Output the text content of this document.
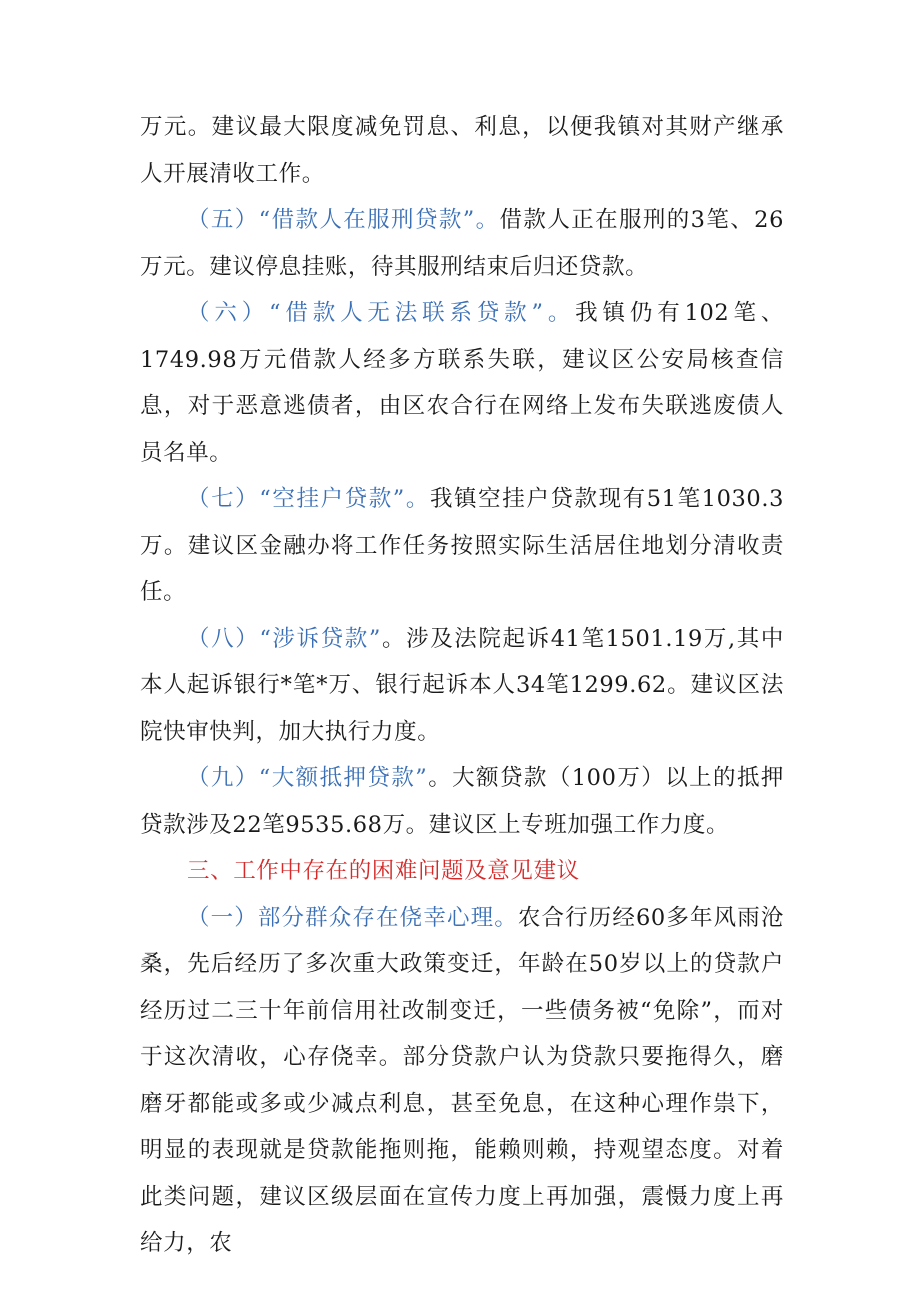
万元。建议最大限度减免罚息、利息，以便我镇对其财产继承人开展清收工作。

（五）“借款人在服刑贷款”。借款人正在服刑的3笔、26万元。建议停息挂账，待其服刑结束后归还贷款。

（六）“借款人无法联系贷款”。我镇仍有102笔、1749.98万元借款人经多方联系失联，建议区公安局核查信息，对于恶意逃债者，由区农合行在网络上发布失联逃废债人员名单。

（七）“空挂户贷款”。我镇空挂户贷款现有51笔1030.3万。建议区金融办将工作任务按照实际生活居住地划分清收责任。

（八）“涉诉贷款”。涉及法院起诉41笔1501.19万,其中本人起诉银行*笔*万、银行起诉本人34笔1299.62。建议区法院快审快判，加大执行力度。

（九）“大额抵押贷款”。大额贷款（100万）以上的抵押贷款涉及22笔9535.68万。建议区上专班加强工作力度。

三、工作中存在的困难问题及意见建议

（一）部分群众存在侥幸心理。农合行历经60多年风雨沧桑，先后经历了多次重大政策变迁，年龄在50岁以上的贷款户经历过二三十年前信用社改制变迁，一些债务被“免除”，而对于这次清收，心存侥幸。部分贷款户认为贷款只要拖得久，磨磨牙都能或多或少减点利息，甚至免息，在这种心理作祟下，明显的表现就是贷款能拖则拖，能赖则赖，持观望态度。对着此类问题，建议区级层面在宣传力度上再加强，震慑力度上再给力，农
